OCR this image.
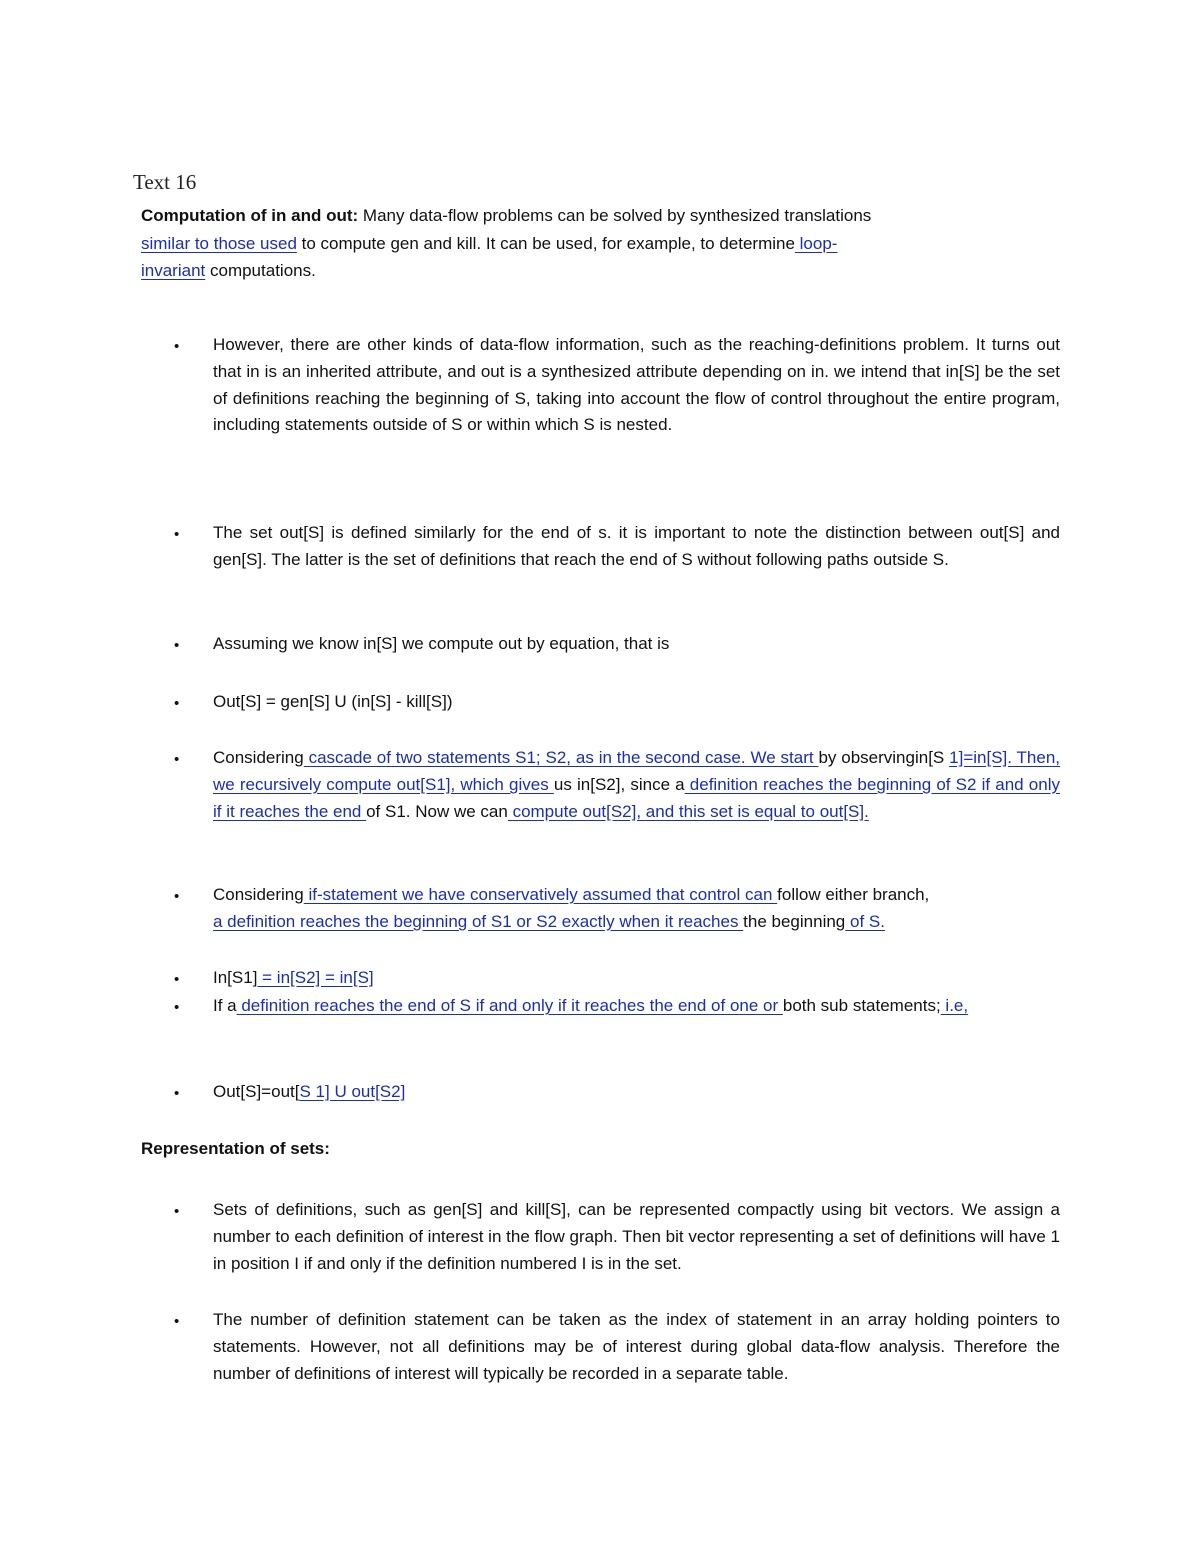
Text 16
Computation of in and out: Many data-flow problems can be solved by synthesized translations
similar to those used to compute gen and kill. It can be used, for example, to determine loop-
invariant computations.
• However, there are other kinds of data-flow information, such as the reaching-definitions problem. It turns out that in is an inherited attribute, and out is a synthesized attribute depending on in. we intend that in[S] be the set of definitions reaching the beginning of S, taking into account the flow of control throughout the entire program, including statements outside of S or within which S is nested.
• The set out[S] is defined similarly for the end of s. it is important to note the distinction between out[S] and gen[S]. The latter is the set of definitions that reach the end of S without following paths outside S.
• Assuming we know in[S] we compute out by equation, that is
• Out[S] = gen[S] U (in[S] - kill[S])
• Considering cascade of two statements S1; S2, as in the second case. We start by observingin[S 1]=in[S]. Then, we recursively compute out[S1], which gives us in[S2], since a definition reaches the beginning of S2 if and only if it reaches the end of S1. Now we can compute out[S2], and this set is equal to out[S].
• Considering if-statement we have conservatively assumed that control can follow either branch,
a definition reaches the beginning of S1 or S2 exactly when it reaches the beginning of S.
• In[S1] = in[S2] = in[S]
• If a definition reaches the end of S if and only if it reaches the end of one or both sub statements; i.e,
• Out[S]=out[S 1] U out[S2]
Representation of sets:
• Sets of definitions, such as gen[S] and kill[S], can be represented compactly using bit vectors. We assign a number to each definition of interest in the flow graph. Then bit vector representing a set of definitions will have 1 in position I if and only if the definition numbered I is in the set.
• The number of definition statement can be taken as the index of statement in an array holding pointers to statements. However, not all definitions may be of interest during global data-flow analysis. Therefore the number of definitions of interest will typically be recorded in a separate table.
